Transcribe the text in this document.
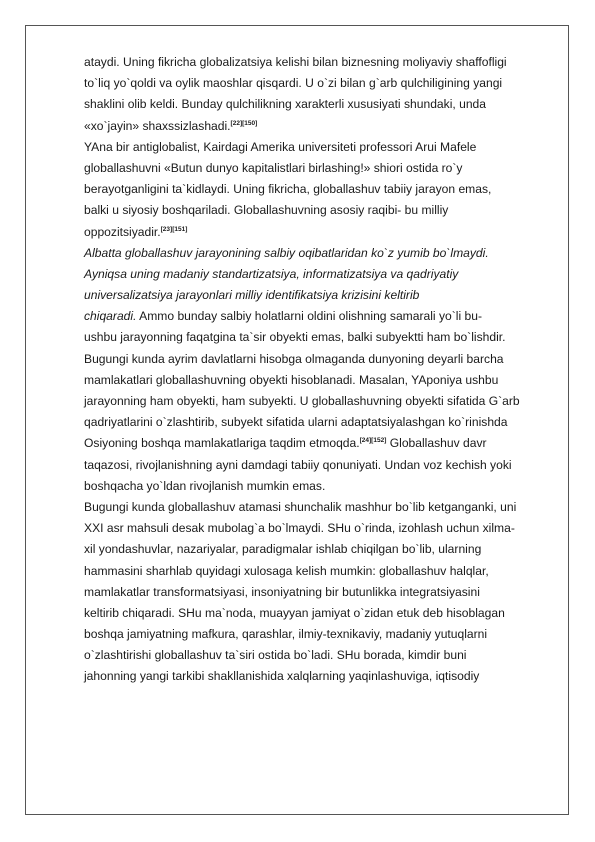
ataydi. Uning fikricha globalizatsiya kelishi bilan biznesning moliyaviy shaffofligi
to`liq yo`qoldi va oylik maoshlar qisqardi. U o`zi bilan g`arb qulchiligining yangi
shaklini olib keldi. Bunday qulchilikning xarakterli xususiyati shundaki, unda
«xo`jayin» shaxssizlashadi.[22][150]
YAna bir antiglobalist, Kairdagi Amerika universiteti professori Arui Mafele
globallashuvni «Butun dunyo kapitalistlari birlashing!» shiori ostida ro`y
berayotganligini ta`kidlaydi. Uning fikricha, globallashuv tabiiy jarayon emas,
balki u siyosiy boshqariladi. Globallashuvning asosiy raqibi- bu milliy
oppozitsiyadir.[23][151]
Albatta globallashuv jarayonining salbiy oqibatlaridan ko`z yumib bo`lmaydi.
Ayniqsa uning madaniy standartizatsiya, informatizatsiya va qadriyatiy
universalizatsiya jarayonlari milliy identifikatsiya krizisini keltirib
chiqaradi. Ammo bunday salbiy holatlarni oldini olishning samarali yo`li bu-
ushbu jarayonning faqatgina ta`sir obyekti emas, balki subyektti ham bo`lishdir.
Bugungi kunda ayrim davlatlarni hisobga olmaganda dunyoning deyarli barcha
mamlakatlari globallashuvning obyekti hisoblanadi. Masalan, YAponiya ushbu
jarayonning ham obyekti, ham subyekti. U globallashuvning obyekti sifatida G`arb
qadriyatlarini o`zlashtirib, subyekt sifatida ularni adaptatsiyalashgan ko`rinishda
Osiyoning boshqa mamlakatlariga taqdim etmoqda.[24][152] Globallashuv davr
taqazosi, rivojlanishning ayni damdagi tabiiy qonuniyati. Undan voz kechish yoki
boshqacha yo`ldan rivojlanish mumkin emas.
Bugungi kunda globallashuv atamasi shunchalik mashhur bo`lib ketganganki, uni
XXI asr mahsuli desak mubolag`a bo`lmaydi. SHu o`rinda, izohlash uchun xilma-
xil yondashuvlar, nazariyalar, paradigmalar ishlab chiqilgan bo`lib, ularning
hammasini sharhlab quyidagi xulosaga kelish mumkin: globallashuv halqlar,
mamlakatlar transformatsiyasi, insoniyatning bir butunlikka integratsiyasini
keltirib chiqaradi. SHu ma`noda, muayyan jamiyat o`zidan etuk deb hisoblagan
boshqa jamiyatning mafkura, qarashlar, ilmiy-texnikaviy, madaniy yutuqlarni
o`zlashtirishi globallashuv ta`siri ostida bo`ladi. SHu borada, kimdir buni
jahonning yangi tarkibi shakllanishida xalqlarning yaqinlashuviga, iqtisodiy
